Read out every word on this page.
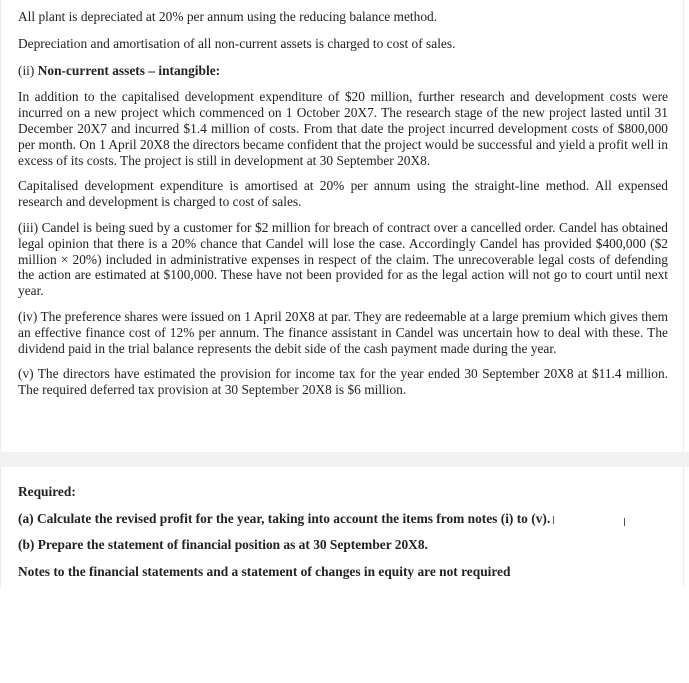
All plant is depreciated at 20% per annum using the reducing balance method.

Depreciation and amortisation of all non-current assets is charged to cost of sales.

(ii) Non-current assets – intangible:

In addition to the capitalised development expenditure of $20 million, further research and development costs were incurred on a new project which commenced on 1 October 20X7. The research stage of the new project lasted until 31 December 20X7 and incurred $1.4 million of costs. From that date the project incurred development costs of $800,000 per month. On 1 April 20X8 the directors became confident that the project would be successful and yield a profit well in excess of its costs. The project is still in development at 30 September 20X8.

Capitalised development expenditure is amortised at 20% per annum using the straight-line method. All expensed research and development is charged to cost of sales.

(iii) Candel is being sued by a customer for $2 million for breach of contract over a cancelled order. Candel has obtained legal opinion that there is a 20% chance that Candel will lose the case. Accordingly Candel has provided $400,000 ($2 million × 20%) included in administrative expenses in respect of the claim. The unrecoverable legal costs of defending the action are estimated at $100,000. These have not been provided for as the legal action will not go to court until next year.

(iv) The preference shares were issued on 1 April 20X8 at par. They are redeemable at a large premium which gives them an effective finance cost of 12% per annum. The finance assistant in Candel was uncertain how to deal with these. The dividend paid in the trial balance represents the debit side of the cash payment made during the year.

(v) The directors have estimated the provision for income tax for the year ended 30 September 20X8 at $11.4 million. The required deferred tax provision at 30 September 20X8 is $6 million.

Required:
(a) Calculate the revised profit for the year, taking into account the items from notes (i) to (v).
(b) Prepare the statement of financial position as at 30 September 20X8.
Notes to the financial statements and a statement of changes in equity are not required
